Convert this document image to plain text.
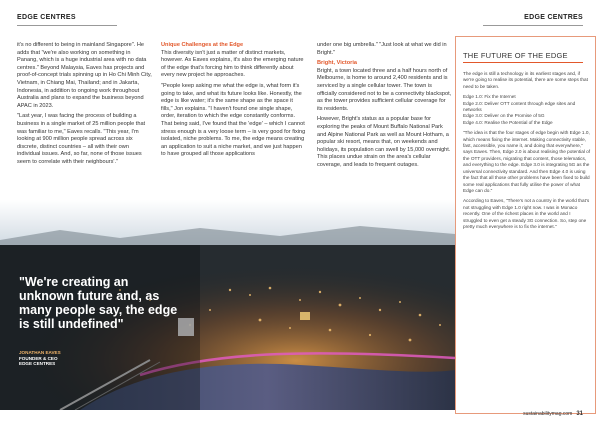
EDGE CENTRES	EDGE CENTRES

it's no different to being in mainland Singapore". He adds that "we're also working on something in Panang, which is a huge industrial area with no data centres." Beyond Malaysia, Eaves has projects and proof-of-concept trials spinning up in Ho Chi Minh City, Vietnam, in Chiang Mai, Thailand; and in Jakarta, Indonesia, in addition to ongoing work throughout Australia and plans to expand the business beyond APAC in 2023.

"Last year, I was facing the process of building a business in a single market of 25 million people that was familiar to me," Eaves recalls. "This year, I'm looking at 900 million people spread across six discrete, distinct countries – all with their own individual issues. And, so far, none of those issues seem to correlate with their neighbours'."

Unique Challenges at the Edge

This diversity isn't just a matter of distinct markets, however. As Eaves explains, it's also the emerging nature of the edge that's forcing him to think differently about every new project he approaches.

"People keep asking me what the edge is, what form it's going to take, and what its future looks like. Honestly, the edge is like water; it's the same shape as the space it fills," Jon explains. "I haven't found one single shape, order, iteration to which the edge constantly conforms. That being said, I've found that the 'edge' – which I cannot stress enough is a very loose term – is very good for fixing isolated, niche problems. To me, the edge means creating an application to suit a niche market, and we just happen to have grouped all those applications

under one big umbrella." "Just look at what we did in Bright."

Bright, Victoria

Bright, a town located three and a half hours north of Melbourne, is home to around 2,400 residents and is serviced by a single cellular tower. The town is officially considered not to be a connectivity blackspot, as the tower provides sufficient cellular coverage for its residents.

However, Bright's status as a popular base for exploring the peaks of Mount Buffalo National Park and Alpine National Park as well as Mount Hotham, a popular ski resort, means that, on weekends and holidays, its population can swell by 15,000 overnight. This places undue strain on the area's cellular coverage, and leads to frequent outages.

"We're creating an unknown future and, as many people say, the edge is still undefined"
JONATHAN EAVES
FOUNDER & CEO
EDGE CENTRES
THE FUTURE OF THE EDGE

The edge is still a technology in its earliest stages and, if we're going to realise its potential, there are some steps that need to be taken.

Edge 1.0: Fix the Internet
Edge 2.0: Deliver OTT content through edge sites and networks
Edge 3.0: Deliver on the Promise of 5G
Edge 4.0: Realise the Potential of the Edge

"The idea is that the four stages of edge begin with Edge 1.0, which means fixing the internet. Making connectivity stable, fast, accessible, you name it, and doing that everywhere," says Eaves. Then, Edge 2.0 is about realising the potential of the OTT providers, migrating that content, those telematics, and everything to the edge. Edge 3.0 is integrating 5G as the universal connectivity standard. And then Edge 4.0 is using the fact that all those other problems have been fixed to build some real applications that fully utilise the power of what Edge can do."

According to Eaves, "There's not a country in the world that's not struggling with Edge 1.0 right now. I was in Monaco recently. One of the richest places in the world and I struggled to even get a steady 3G connection. So, step one pretty much everywhere is to fix the internet."

30 August 2022	sustainabilitymag.com 31
